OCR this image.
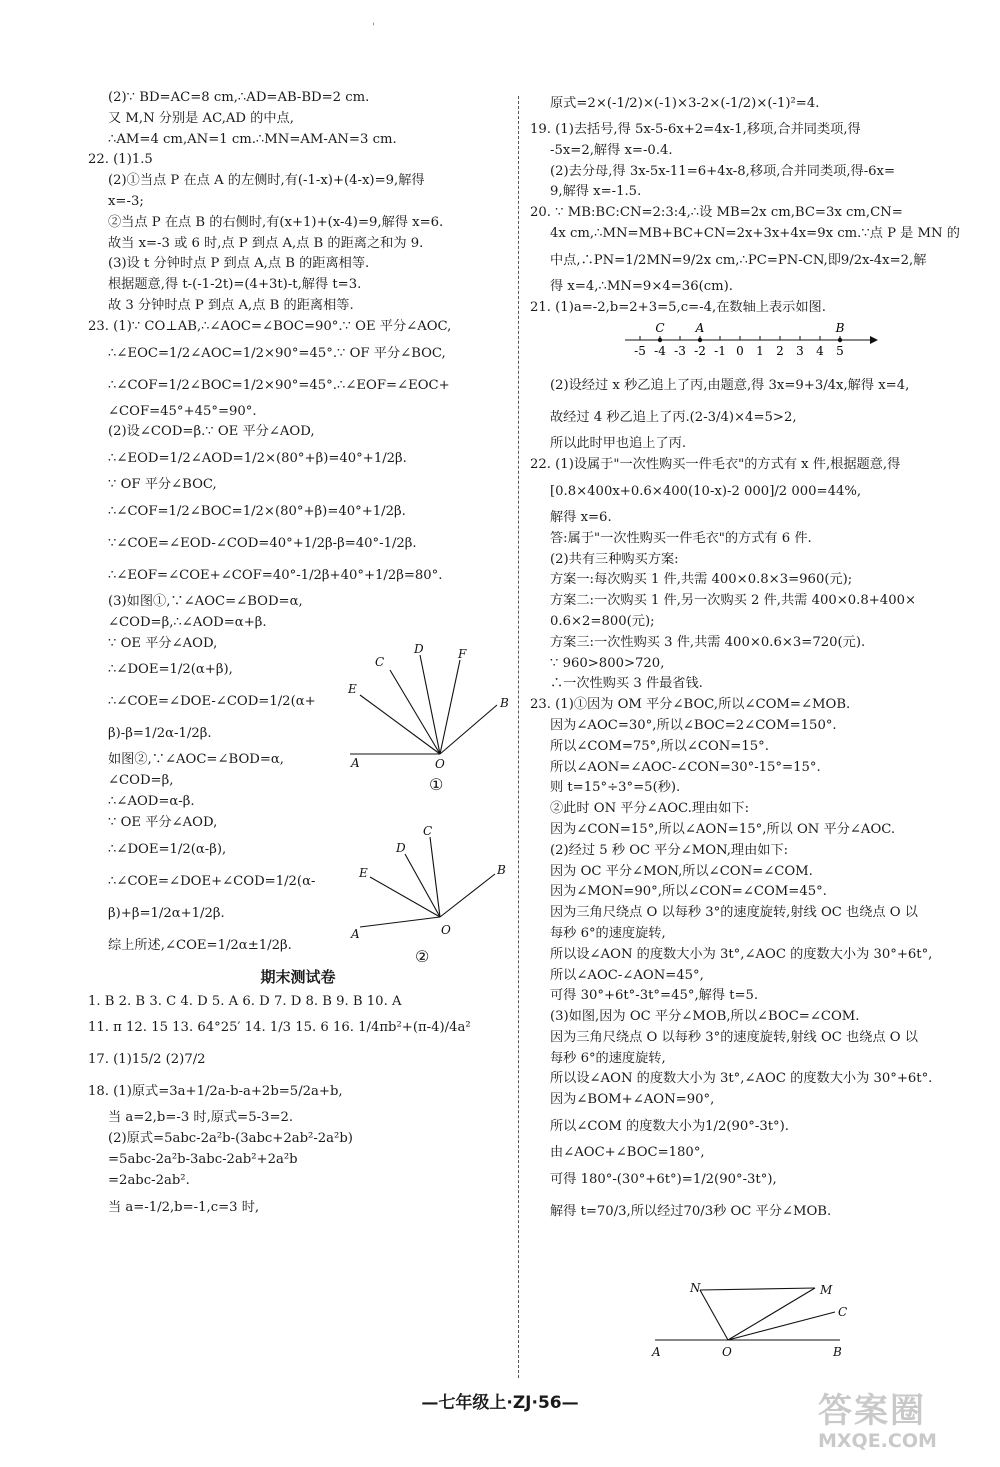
'
(2)∵ BD=AC=8 cm,∴AD=AB-BD=2 cm.
又 M,N 分别是 AC,AD 的中点,
∴AM=4 cm,AN=1 cm.∴MN=AM-AN=3 cm.
22. (1)1.5
(2)①当点 P 在点 A 的左侧时,有(-1-x)+(4-x)=9,解得
x=-3;
②当点 P 在点 B 的右侧时,有(x+1)+(x-4)=9,解得 x=6.
故当 x=-3 或 6 时,点 P 到点 A,点 B 的距离之和为 9.
(3)设 t 分钟时点 P 到点 A,点 B 的距离相等.
根据题意,得 t-(-1-2t)=(4+3t)-t,解得 t=3.
故 3 分钟时点 P 到点 A,点 B 的距离相等.
23. (1)∵ CO⊥AB,∴∠AOC=∠BOC=90°.∵ OE 平分∠AOC,
∴∠EOC=1/2∠AOC=1/2×90°=45°.∵ OF 平分∠BOC,
∴∠COF=1/2∠BOC=1/2×90°=45°.∴∠EOF=∠EOC+
∠COF=45°+45°=90°.
(2)设∠COD=β.∵ OE 平分∠AOD,
∴∠EOD=1/2∠AOD=1/2×(80°+β)=40°+1/2β.
∵ OF 平分∠BOC,
∴∠COF=1/2∠BOC=1/2×(80°+β)=40°+1/2β.
∵∠COE=∠EOD-∠COD=40°+1/2β-β=40°-1/2β.
∴∠EOF=∠COE+∠COF=40°-1/2β+40°+1/2β=80°.
(3)如图①,∵∠AOC=∠BOD=α,
∠COD=β,∴∠AOD=α+β.
∵ OE 平分∠AOD,
∴∠DOE=1/2(α+β),
∴∠COE=∠DOE-∠COD=1/2(α+
β)-β=1/2α-1/2β.
如图②,∵∠AOC=∠BOD=α,
∠COD=β,
∴∠AOD=α-β.
∵ OE 平分∠AOD,
∴∠DOE=1/2(α-β),
∴∠COE=∠DOE+∠COD=1/2(α-
β)+β=1/2α+1/2β.
综上所述,∠COE=1/2α±1/2β.
期末测试卷
1. B 2. B 3. C 4. D 5. A 6. D 7. D 8. B 9. B 10. A
11. π 12. 15 13. 64°25′ 14. 1/3 15. 6 16. 1/4πb²+(π-4)/4a²
17. (1)15/2 (2)7/2
18. (1)原式=3a+1/2a-b-a+2b=5/2a+b,
当 a=2,b=-3 时,原式=5-3=2.
(2)原式=5abc-2a²b-(3abc+2ab²-2a²b)
=5abc-2a²b-3abc-2ab²+2a²b
=2abc-2ab².
当 a=-1/2,b=-1,c=3 时,
C
D	F
E
B
A	O
①
C
D
E	B
A	O
②
原式=2×(-1/2)×(-1)×3-2×(-1/2)×(-1)²=4.
19. (1)去括号,得 5x-5-6x+2=4x-1,移项,合并同类项,得
-5x=2,解得 x=-0.4.
(2)去分母,得 3x-5x-11=6+4x-8,移项,合并同类项,得-6x=
9,解得 x=-1.5.
20. ∵ MB:BC:CN=2:3:4,∴设 MB=2x cm,BC=3x cm,CN=
4x cm,∴MN=MB+BC+CN=2x+3x+4x=9x cm.∵点 P 是 MN 的
中点,∴PN=1/2MN=9/2x cm,∴PC=PN-CN,即9/2x-4x=2,解
得 x=4,∴MN=9×4=36(cm).
21. (1)a=-2,b=2+3=5,c=-4,在数轴上表示如图.
-5 -4 -3 -2 -1 0 1 2 3 4 5
C	A	B
(2)设经过 x 秒乙追上了丙,由题意,得 3x=9+3/4x,解得 x=4,
故经过 4 秒乙追上了丙.(2-3/4)×4=5>2,
所以此时甲也追上了丙.
22. (1)设属于"一次性购买一件毛衣"的方式有 x 件,根据题意,得
[0.8×400x+0.6×400(10-x)-2 000]/2 000=44%,
解得 x=6.
答:属于"一次性购买一件毛衣"的方式有 6 件.
(2)共有三种购买方案:
方案一:每次购买 1 件,共需 400×0.8×3=960(元);
方案二:一次购买 1 件,另一次购买 2 件,共需 400×0.8+400×
0.6×2=800(元);
方案三:一次性购买 3 件,共需 400×0.6×3=720(元).
∵ 960>800>720,
∴一次性购买 3 件最省钱.
23. (1)①因为 OM 平分∠BOC,所以∠COM=∠MOB.
因为∠AOC=30°,所以∠BOC=2∠COM=150°.
所以∠COM=75°,所以∠CON=15°.
所以∠AON=∠AOC-∠CON=30°-15°=15°.
则 t=15°÷3°=5(秒).
②此时 ON 平分∠AOC.理由如下:
因为∠CON=15°,所以∠AON=15°,所以 ON 平分∠AOC.
(2)经过 5 秒 OC 平分∠MON,理由如下:
因为 OC 平分∠MON,所以∠CON=∠COM.
因为∠MON=90°,所以∠CON=∠COM=45°.
因为三角尺绕点 O 以每秒 3°的速度旋转,射线 OC 也绕点 O 以
每秒 6°的速度旋转,
所以设∠AON 的度数大小为 3t°,∠AOC 的度数大小为 30°+6t°,
所以∠AOC-∠AON=45°,
可得 30°+6t°-3t°=45°,解得 t=5.
(3)如图,因为 OC 平分∠MOB,所以∠BOC=∠COM.
因为三角尺绕点 O 以每秒 3°的速度旋转,射线 OC 也绕点 O 以
每秒 6°的速度旋转,
所以设∠AON 的度数大小为 3t°,∠AOC 的度数大小为 30°+6t°.
因为∠BOM+∠AON=90°,
所以∠COM 的度数大小为1/2(90°-3t°).
由∠AOC+∠BOC=180°,
可得 180°-(30°+6t°)=1/2(90°-3t°),
解得 t=70/3,所以经过70/3秒 OC 平分∠MOB.
N	M
C
A	O	B
—七年级上·ZJ·56—	答案圈
MXQE.COM
